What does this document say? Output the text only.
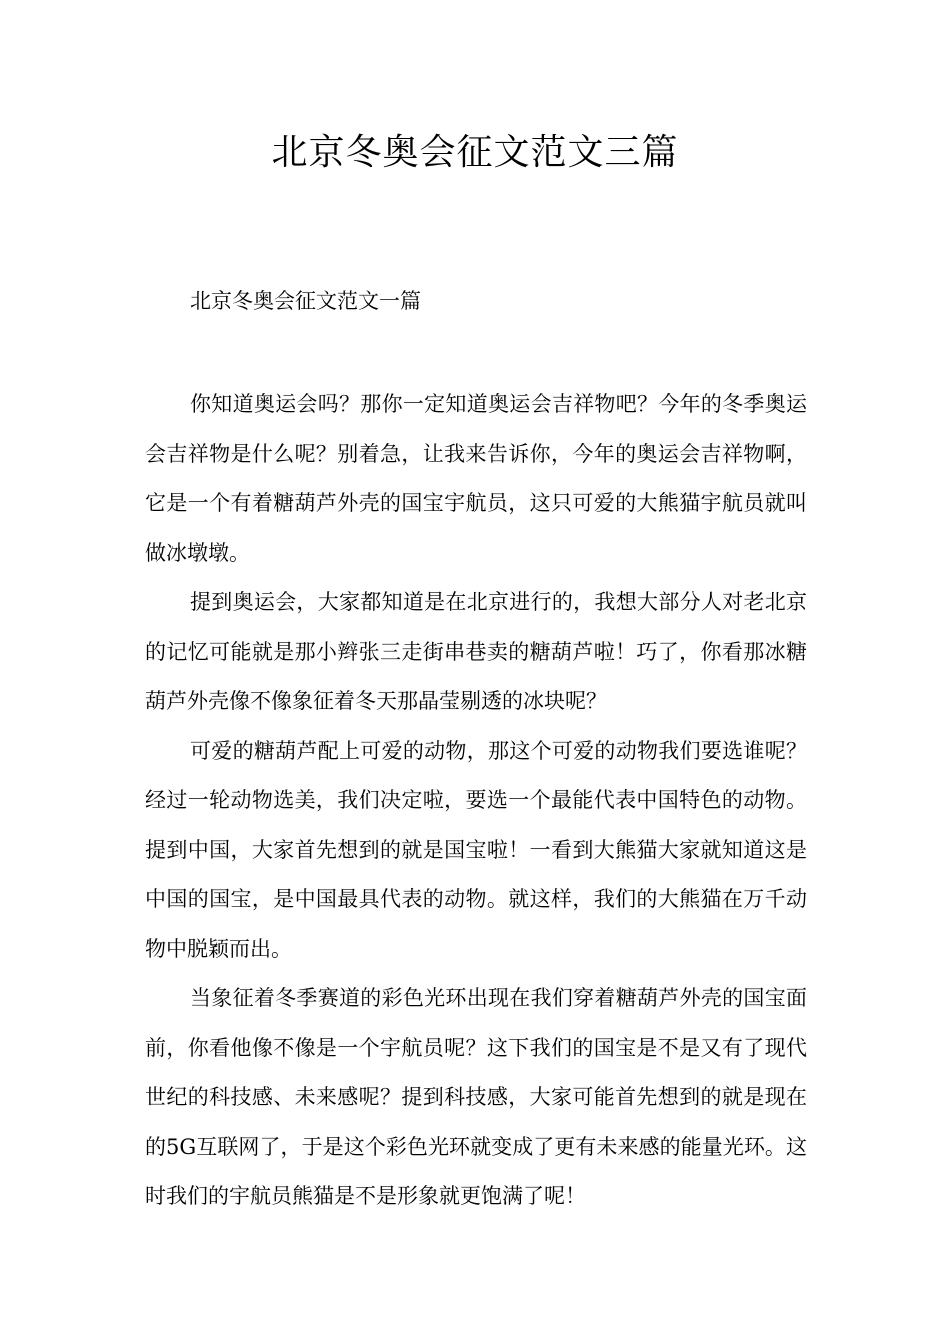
北京冬奥会征文范文三篇

北京冬奥会征文范文一篇

你知道奥运会吗？那你一定知道奥运会吉祥物吧？今年的冬季奥运会吉祥物是什么呢？别着急，让我来告诉你，今年的奥运会吉祥物啊，它是一个有着糖葫芦外壳的国宝宇航员，这只可爱的大熊猫宇航员就叫做冰墩墩。

提到奥运会，大家都知道是在北京进行的，我想大部分人对老北京的记忆可能就是那小辫张三走街串巷卖的糖葫芦啦！巧了，你看那冰糖葫芦外壳像不像象征着冬天那晶莹剔透的冰块呢？

可爱的糖葫芦配上可爱的动物，那这个可爱的动物我们要选谁呢？经过一轮动物选美，我们决定啦，要选一个最能代表中国特色的动物。提到中国，大家首先想到的就是国宝啦！一看到大熊猫大家就知道这是中国的国宝，是中国最具代表的动物。就这样，我们的大熊猫在万千动物中脱颖而出。

当象征着冬季赛道的彩色光环出现在我们穿着糖葫芦外壳的国宝面前，你看他像不像是一个宇航员呢？这下我们的国宝是不是又有了现代世纪的科技感、未来感呢？提到科技感，大家可能首先想到的就是现在的5G互联网了，于是这个彩色光环就变成了更有未来感的能量光环。这时我们的宇航员熊猫是不是形象就更饱满了呢！
